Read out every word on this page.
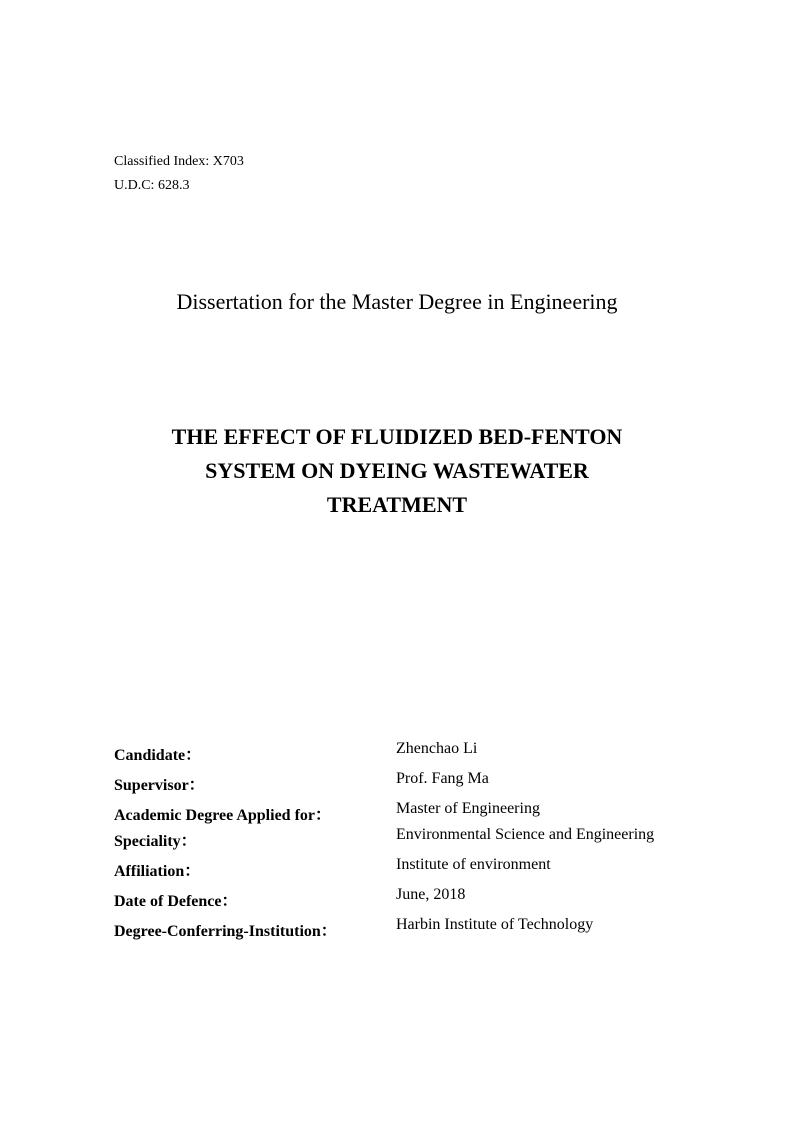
Classified Index: X703
U.D.C: 628.3
Dissertation for the Master Degree in Engineering
THE EFFECT OF FLUIDIZED BED-FENTON
SYSTEM ON DYEING WASTEWATER
TREATMENT
Candidate：	Zhenchao Li
Supervisor：	Prof. Fang Ma
Academic Degree Applied for：	Master of Engineering
Speciality：	Environmental Science and Engineering
Affiliation：	Institute of environment
Date of Defence：	June, 2018
Degree-Conferring-Institution：	Harbin Institute of Technology
